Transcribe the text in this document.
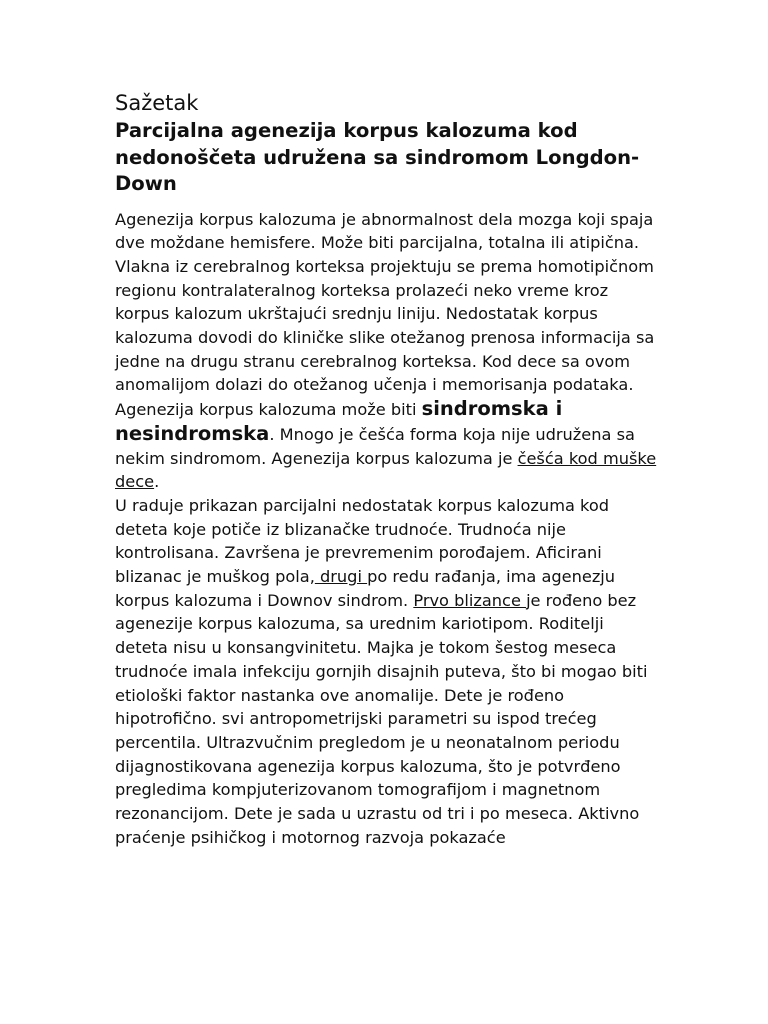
Sažetak
Parcijalna agenezija korpus kalozuma kod nedonoščeta udružena sa sindromom Longdon-Down

Agenezija korpus kalozuma je abnormalnost dela mozga koji spaja dve moždane hemisfere. Može biti parcijalna, totalna ili atipična. Vlakna iz cerebralnog korteksa projektuju se prema homotipičnom regionu kontralateralnog korteksa prolazeći neko vreme kroz korpus kalozum ukrštajući srednju liniju. Nedostatak korpus kalozuma dovodi do kliničke slike otežanog prenosa informacija sa jedne na drugu stranu cerebralnog korteksa. Kod dece sa ovom anomalijom dolazi do otežanog učenja i memorisanja podataka.

Agenezija korpus kalozuma može biti sindromska i nesindromska. Mnogo je češća forma koja nije udružena sa nekim sindromom. Agenezija korpus kalozuma je češća kod muške dece.

U raduje prikazan parcijalni nedostatak korpus kalozuma kod deteta koje potiče iz blizanačke trudnoće. Trudnoća nije kontrolisana. Završena je prevremenim porođajem. Aficirani blizanac je muškog pola, drugi po redu rađanja, ima agenezju korpus kalozuma i Downov sindrom. Prvo blizance je rođeno bez agenezije korpus kalozuma, sa urednim kariotipom. Roditelji deteta nisu u konsangvinitetu. Majka je tokom šestog meseca trudnoće imala infekciju gornjih disajnih puteva, što bi mogao biti etiološki faktor nastanka ove anomalije. Dete je rođeno hipotrofično. svi antropometrijski parametri su ispod trećeg percentila. Ultrazvučnim pregledom je u neonatalnom periodu dijagnostikovana agenezija korpus kalozuma, što je potvrđeno pregledima kompjuterizovanom tomografijom i magnetnom rezonancijom. Dete je sada u uzrastu od tri i po meseca. Aktivno praćenje psihičkog i motornog razvoja pokazaće
